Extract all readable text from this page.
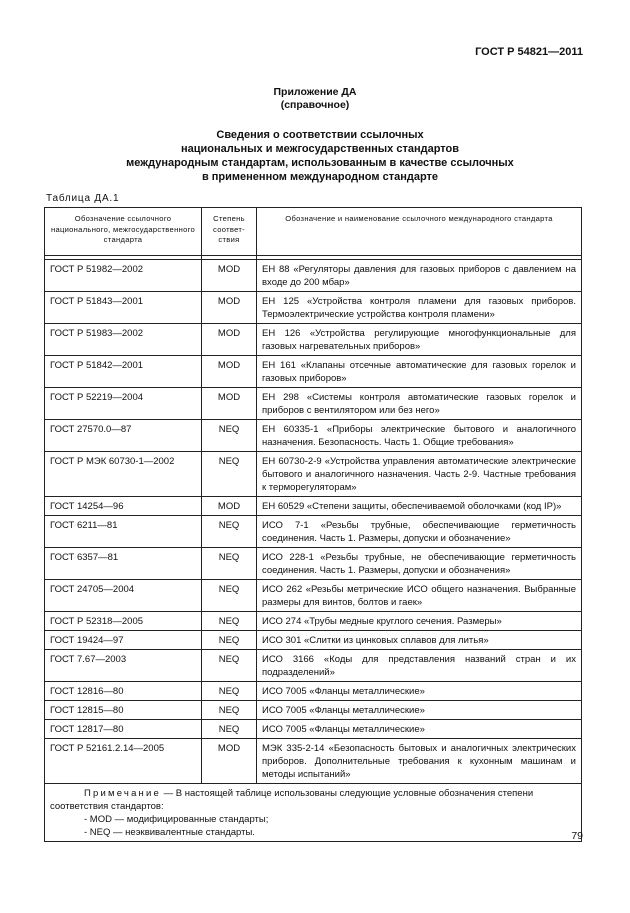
ГОСТ Р 54821—2011
Приложение ДА
(справочное)
Сведения о соответствии ссылочных
национальных и межгосударственных стандартов
международным стандартам, использованным в качестве ссылочных
в примененном международном стандарте
Таблица ДА.1
Обозначение ссылочного национального, межгосударственного стандарта	Степень соответ-ствия	Обозначение и наименование ссылочного международного стандарта

ГОСТ Р 51982—2002	MOD	ЕН 88 «Регуляторы давления для газовых приборов с давлением на входе до 200 мбар»
ГОСТ Р 51843—2001	MOD	ЕН 125 «Устройства контроля пламени для газовых приборов. Термоэлектрические устройства контроля пламени»
ГОСТ Р 51983—2002	MOD	ЕН 126 «Устройства регулирующие многофункциональные для газовых нагревательных приборов»
ГОСТ Р 51842—2001	MOD	ЕН 161 «Клапаны отсечные автоматические для газовых горелок и газовых приборов»
ГОСТ Р 52219—2004	MOD	ЕН 298 «Системы контроля автоматические газовых горелок и приборов с вентилятором или без него»
ГОСТ 27570.0—87	NEQ	ЕН 60335-1 «Приборы электрические бытового и аналогичного назначения. Безопасность. Часть 1. Общие требования»
ГОСТ Р МЭК 60730-1—2002	NEQ	ЕН 60730-2-9 «Устройства управления автоматические электрические бытового и аналогичного назначения. Часть 2-9. Частные требования к терморегуляторам»
ГОСТ 14254—96	MOD	ЕН 60529 «Степени защиты, обеспечиваемой оболочками (код IP)»
ГОСТ 6211—81	NEQ	ИСО 7-1 «Резьбы трубные, обеспечивающие герметичность соединения. Часть 1. Размеры, допуски и обозначение»
ГОСТ 6357—81	NEQ	ИСО 228-1 «Резьбы трубные, не обеспечивающие герметичность соединения. Часть 1. Размеры, допуски и обозначения»
ГОСТ 24705—2004	NEQ	ИСО 262 «Резьбы метрические ИСО общего назначения. Выбранные размеры для винтов, болтов и гаек»
ГОСТ Р 52318—2005	NEQ	ИСО 274 «Трубы медные круглого сечения. Размеры»
ГОСТ 19424—97	NEQ	ИСО 301 «Слитки из цинковых сплавов для литья»
ГОСТ 7.67—2003	NEQ	ИСО 3166 «Коды для представления названий стран и их подразделений»
ГОСТ 12816—80	NEQ	ИСО 7005 «Фланцы металлические»
ГОСТ 12815—80	NEQ	ИСО 7005 «Фланцы металлические»
ГОСТ 12817—80	NEQ	ИСО 7005 «Фланцы металлические»
ГОСТ Р 52161.2.14—2005	MOD	МЭК 335-2-14 «Безопасность бытовых и аналогичных электрических приборов. Дополнительные требования к кухонным машинам и методы испытаний»

Примечание — В настоящей таблице использованы следующие условные обозначения степени соответствия стандартов:
- MOD — модифицированные стандарты;
- NEQ — неэквивалентные стандарты.			79
